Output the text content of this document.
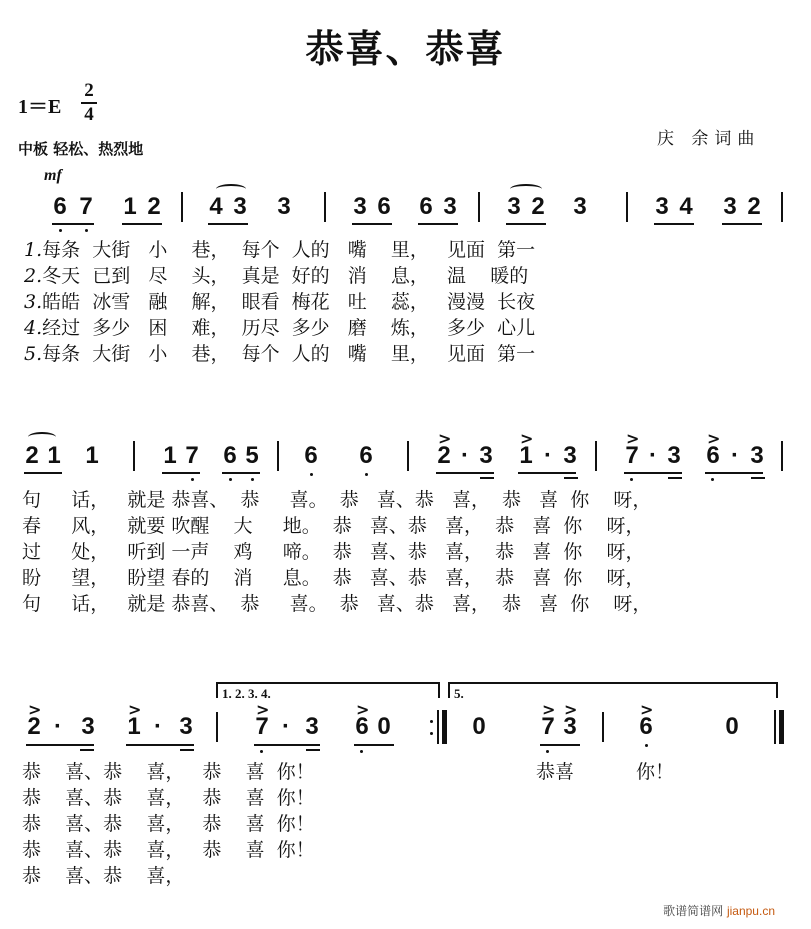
恭喜、恭喜
1＝E
2
4
中板 轻松、热烈地	庆 余词曲
mf
6 7 1 2 4 3 3	3 6 6 3 3 2 3	3 4 3 2
1.每条  大街   小    巷，  每个  人的   嘴    里，   见面  第一
2.冬天  已到   尽    头，  真是  好的   消    息，   温    暖的
3.皓皓  冰雪   融    解，  眼看  梅花   吐    蕊，   漫漫  长夜
4.经过  多少   困    难，  历尽  多少   磨    炼，   多少  心儿
5.每条  大街   小    巷，  每个  人的   嘴    里，   见面  第一
2 1 1	1 7 6 5 6 6
>
2 · 3
>
1 · 3
>
7 · 3
>
6 · 3
句     话，   就是 恭喜、  恭     喜。  恭   喜、恭   喜，  恭   喜  你    呀，
春     风，   就要 吹醒    大     地。  恭   喜、恭   喜，  恭   喜  你    呀，
过     处，   听到 一声    鸡     啼。  恭   喜、恭   喜，  恭   喜  你    呀，
盼     望，   盼望 春的    消     息。  恭   喜、恭   喜，  恭   喜  你    呀，
句     话，   就是 恭喜、  恭     喜。  恭   喜、恭   喜，  恭   喜  你    呀，
1. 2. 3. 4.	5.
>
2 · 3
>
1 · 3
>
7 · 3
>
6 0	0
> >
7 3
>
6	0
恭    喜、恭    喜，   恭    喜  你！
恭    喜、恭    喜，   恭    喜  你！
恭    喜、恭    喜，   恭    喜  你！
恭    喜、恭    喜，   恭    喜  你！
恭    喜、恭    喜，
恭喜	你！
歌谱简谱网 jianpu.cn
